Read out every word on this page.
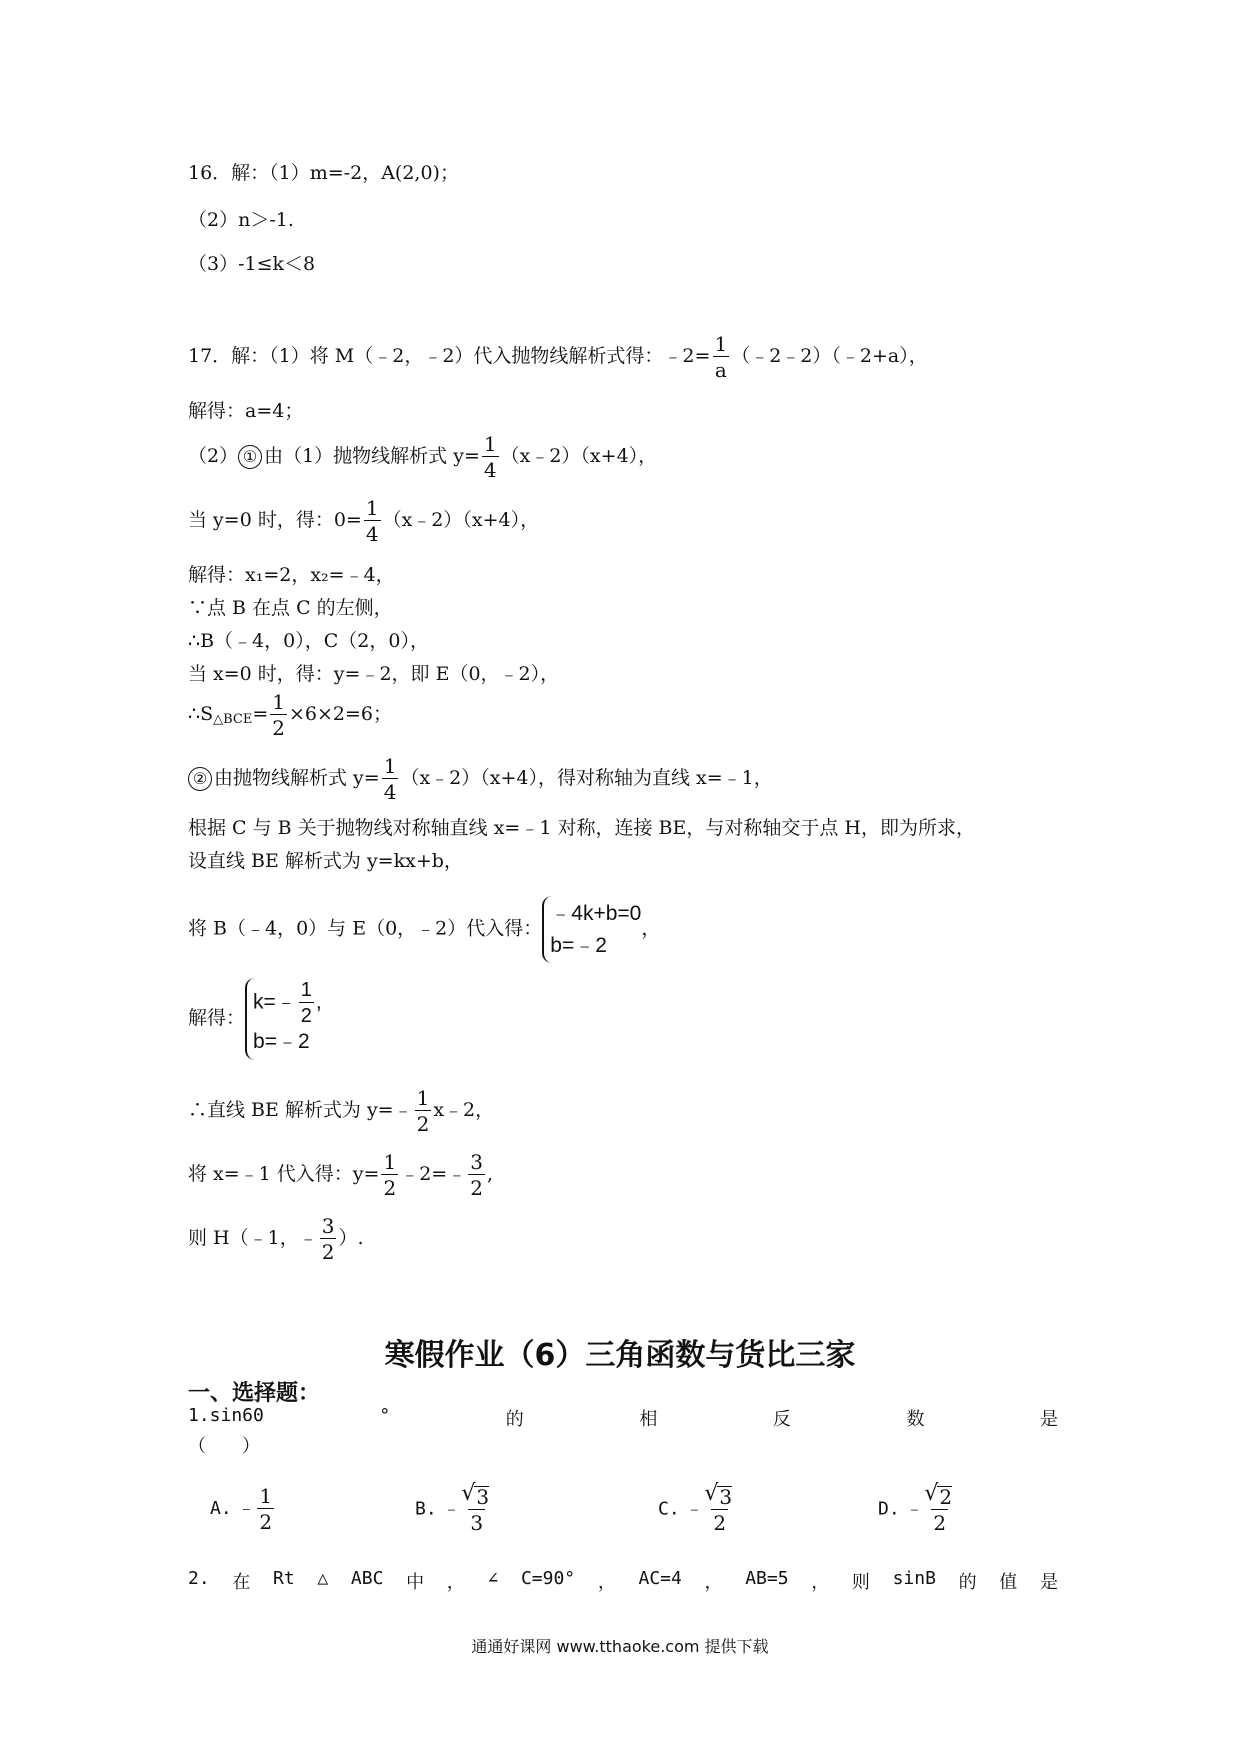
16．解：（1）m=-2，A(2,0)；
（2）n＞-1.
（3）-1≤k＜8
17．解：（1）将 M（﹣2，﹣2）代入抛物线解析式得：﹣2= $\frac{1}{a}$ （﹣2﹣2）（﹣2+a），
解得：a=4；
（2） ① 由（1）抛物线解析式 $y= \frac{1}{4}$ （x﹣2）（x+4），
当 y=0 时，得：$0= \frac{1}{4}$ （x﹣2）（x+4），
解得：x₁=2，x₂=﹣4，
∵点 B 在点 C 的左侧，
∴B（﹣4，0），C（2，0），
当 x=0 时，得：y=﹣2，即 E（0，﹣2），
$\therefore S_{\triangle BCE}= \frac{1}{2} \times 6\times 2=6$；
② 由抛物线解析式 $y= \frac{1}{4}$ （x﹣2）（x+4），得对称轴为直线 x=﹣1，
根据 C 与 B 关于抛物线对称轴直线 x=﹣1 对称，连接 BE，与对称轴交于点 H，即为所求，
设直线 BE 解析式为 y=kx+b，
将 B（﹣4，0）与 E（0，﹣2）代入得：
﹣4k+b=0
b=﹣2
，
解得：
k=﹣ $\frac{1}{2}$ ,
b=﹣2
∴直线 BE 解析式为 y=﹣ $\frac{1}{2}$ x﹣2，
将 x=﹣1 代入得：$y= \frac{1}{2}$ ﹣2=﹣ $\frac{3}{2}$ ,
则 H（﹣1，﹣ $\frac{3}{2}$ ）.
寒假作业（6）三角函数与货比三家
一、选择题：
1.sin60	°	的	相	反	数	是
（　　）
A. ﹣ $\frac{1}{2}$	B. ﹣ √ $\frac{3}{3}$	C. ﹣ √ $\frac{3}{2}$	D. ﹣ √ $\frac{2}{2}$
2. 在 Rt △ ABC 中 ， ∠ C=90° ， AC=4 ， AB=5 ， 则 sinB 的 值 是
通通好课网 www.tthaoke.com 提供下载
